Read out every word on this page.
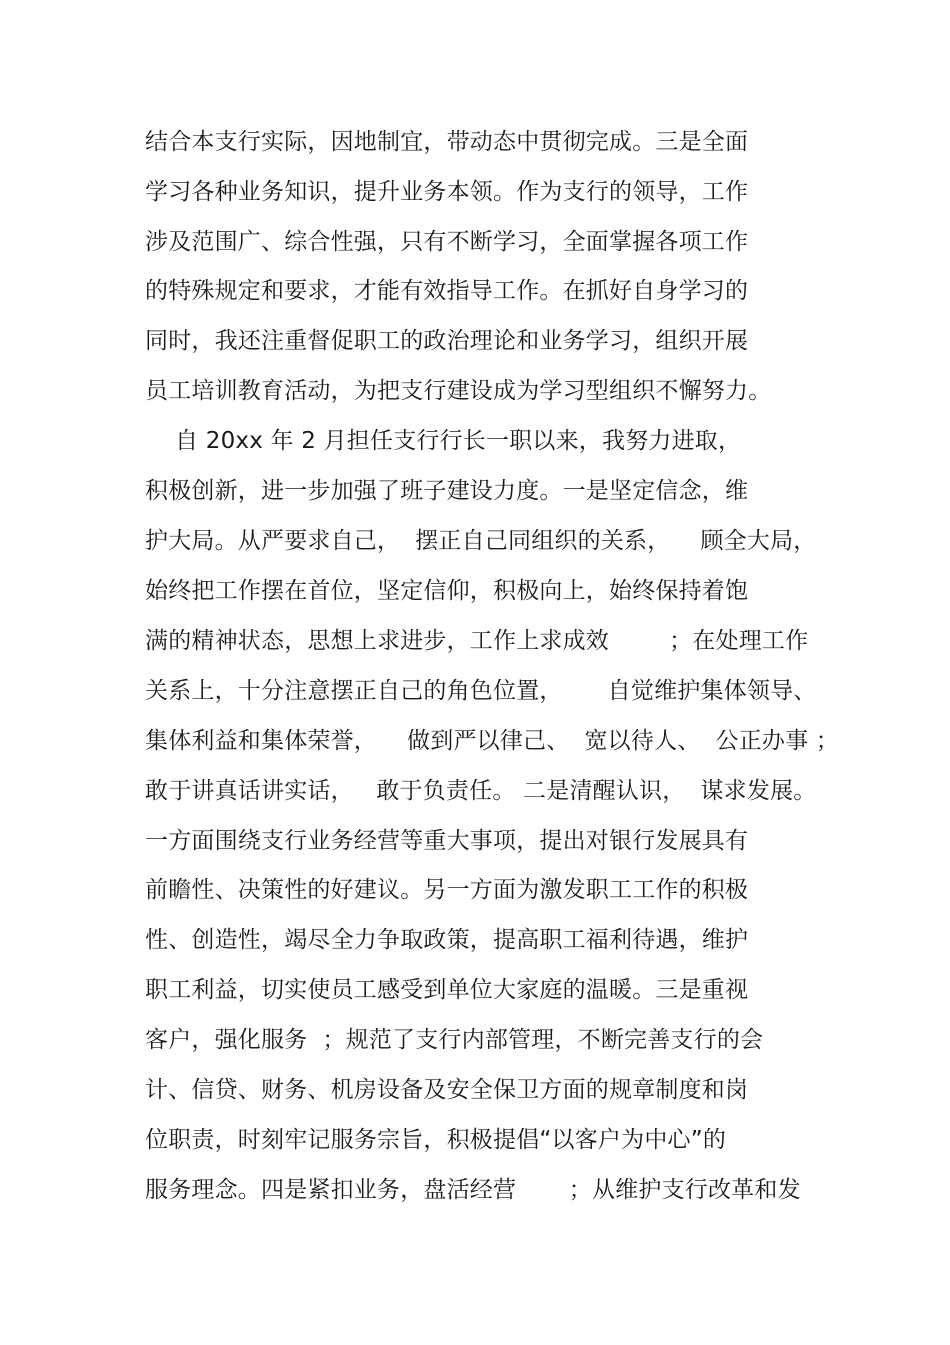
结合本支行实际，因地制宜，带动态中贯彻完成。三是全面
学习各种业务知识，提升业务本领。作为支行的领导，工作
涉及范围广、综合性强，只有不断学习，全面掌握各项工作
的特殊规定和要求，才能有效指导工作。在抓好自身学习的
同时，我还注重督促职工的政治理论和业务学习，组织开展
员工培训教育活动，为把支行建设成为学习型组织不懈努力。
自 20xx 年 2 月担任支行行长一职以来，我努力进取，
积极创新，进一步加强了班子建设力度。一是坚定信念，维
护大局。从严要求自己，  摆正自己同组织的关系，    顾全大局，
始终把工作摆在首位，坚定信仰，积极向上，始终保持着饱
满的精神状态，思想上求进步，工作上求成效        ；在处理工作
关系上，十分注意摆正自己的角色位置，      自觉维护集体领导、
集体利益和集体荣誉，    做到严以律己、  宽以待人、  公正办事 ；
敢于讲真话讲实话，   敢于负责任。 二是清醒认识，  谋求发展。
一方面围绕支行业务经营等重大事项，提出对银行发展具有
前瞻性、决策性的好建议。另一方面为激发职工工作的积极
性、创造性，竭尽全力争取政策，提高职工福利待遇，维护
职工利益，切实使员工感受到单位大家庭的温暖。三是重视
客户，强化服务  ；规范了支行内部管理，不断完善支行的会
计、信贷、财务、机房设备及安全保卫方面的规章制度和岗
位职责，时刻牢记服务宗旨，积极提倡“以客户为中心”的
服务理念。四是紧扣业务，盘活经营       ；从维护支行改革和发
